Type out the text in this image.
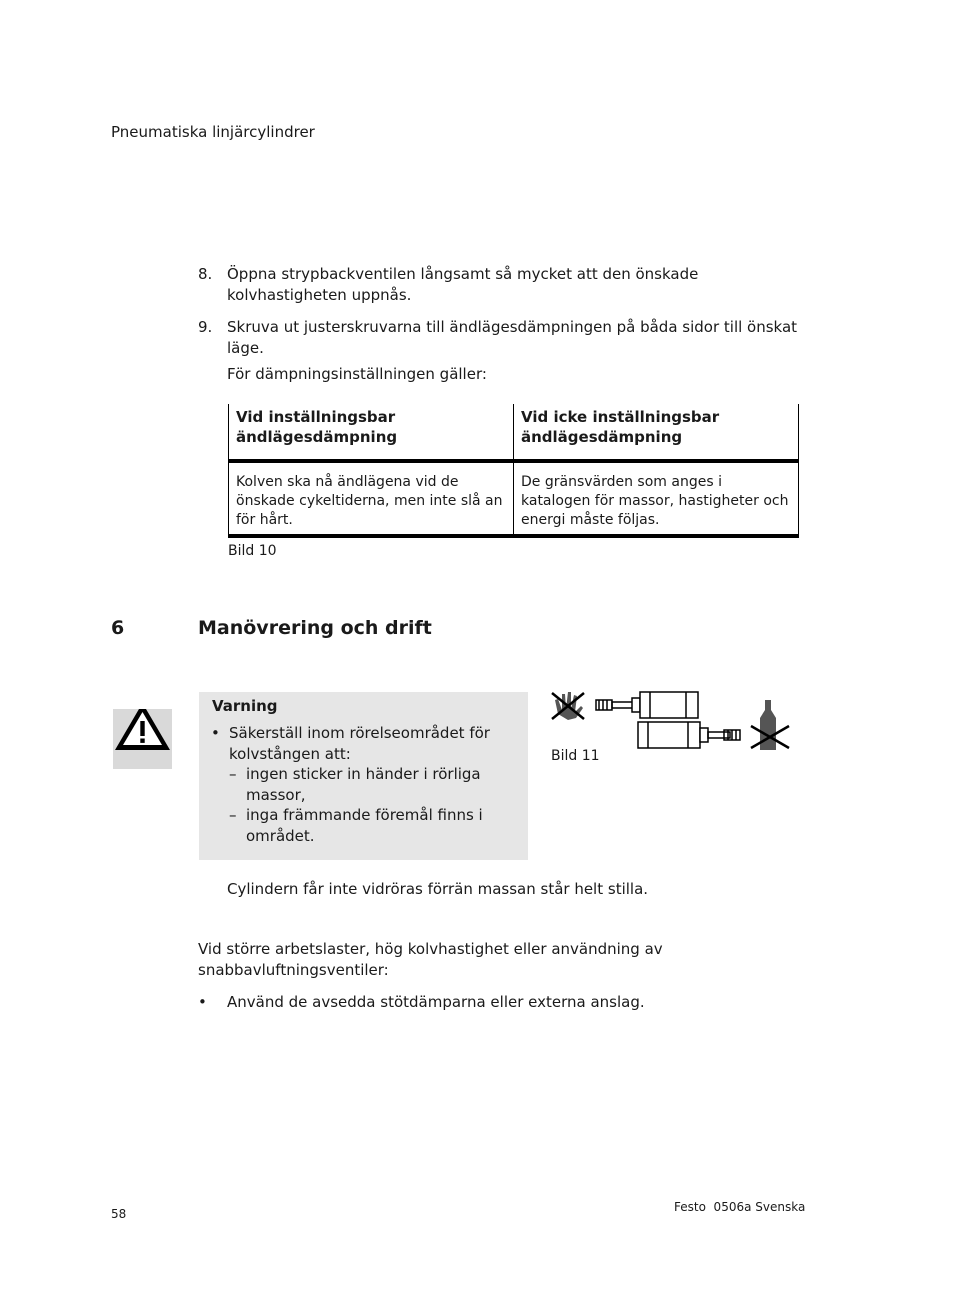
Pneumatiska linjärcylindrer
8. Öppna strypbackventilen långsamt så mycket att den önskade kolvhastigheten uppnås.
9. Skruva ut justerskruvarna till ändlägesdämpningen på båda sidor till önskat läge.
För dämpningsinställningen gäller:
Vid inställningsbar ändlägesdämpning	Vid icke inställningsbar ändlägesdämpning
Kolven ska nå ändlägena vid de önskade cykeltiderna, men inte slå an för hårt.	De gränsvärden som anges i katalogen för massor, hastigheter och energi måste följas.
Bild 10
6	Manövrering och drift
Varning
• Säkerställ inom rörelseområdet för kolvstången att:
– ingen sticker in händer i rörliga massor,
– inga främmande föremål finns i området.
Bild 11
Cylindern får inte vidröras förrän massan står helt stilla.
Vid större arbetslaster, hög kolvhastighet eller användning av snabbavluftningsventiler:
• Använd de avsedda stötdämparna eller externa anslag.
Festo  0506a Svenska
58
